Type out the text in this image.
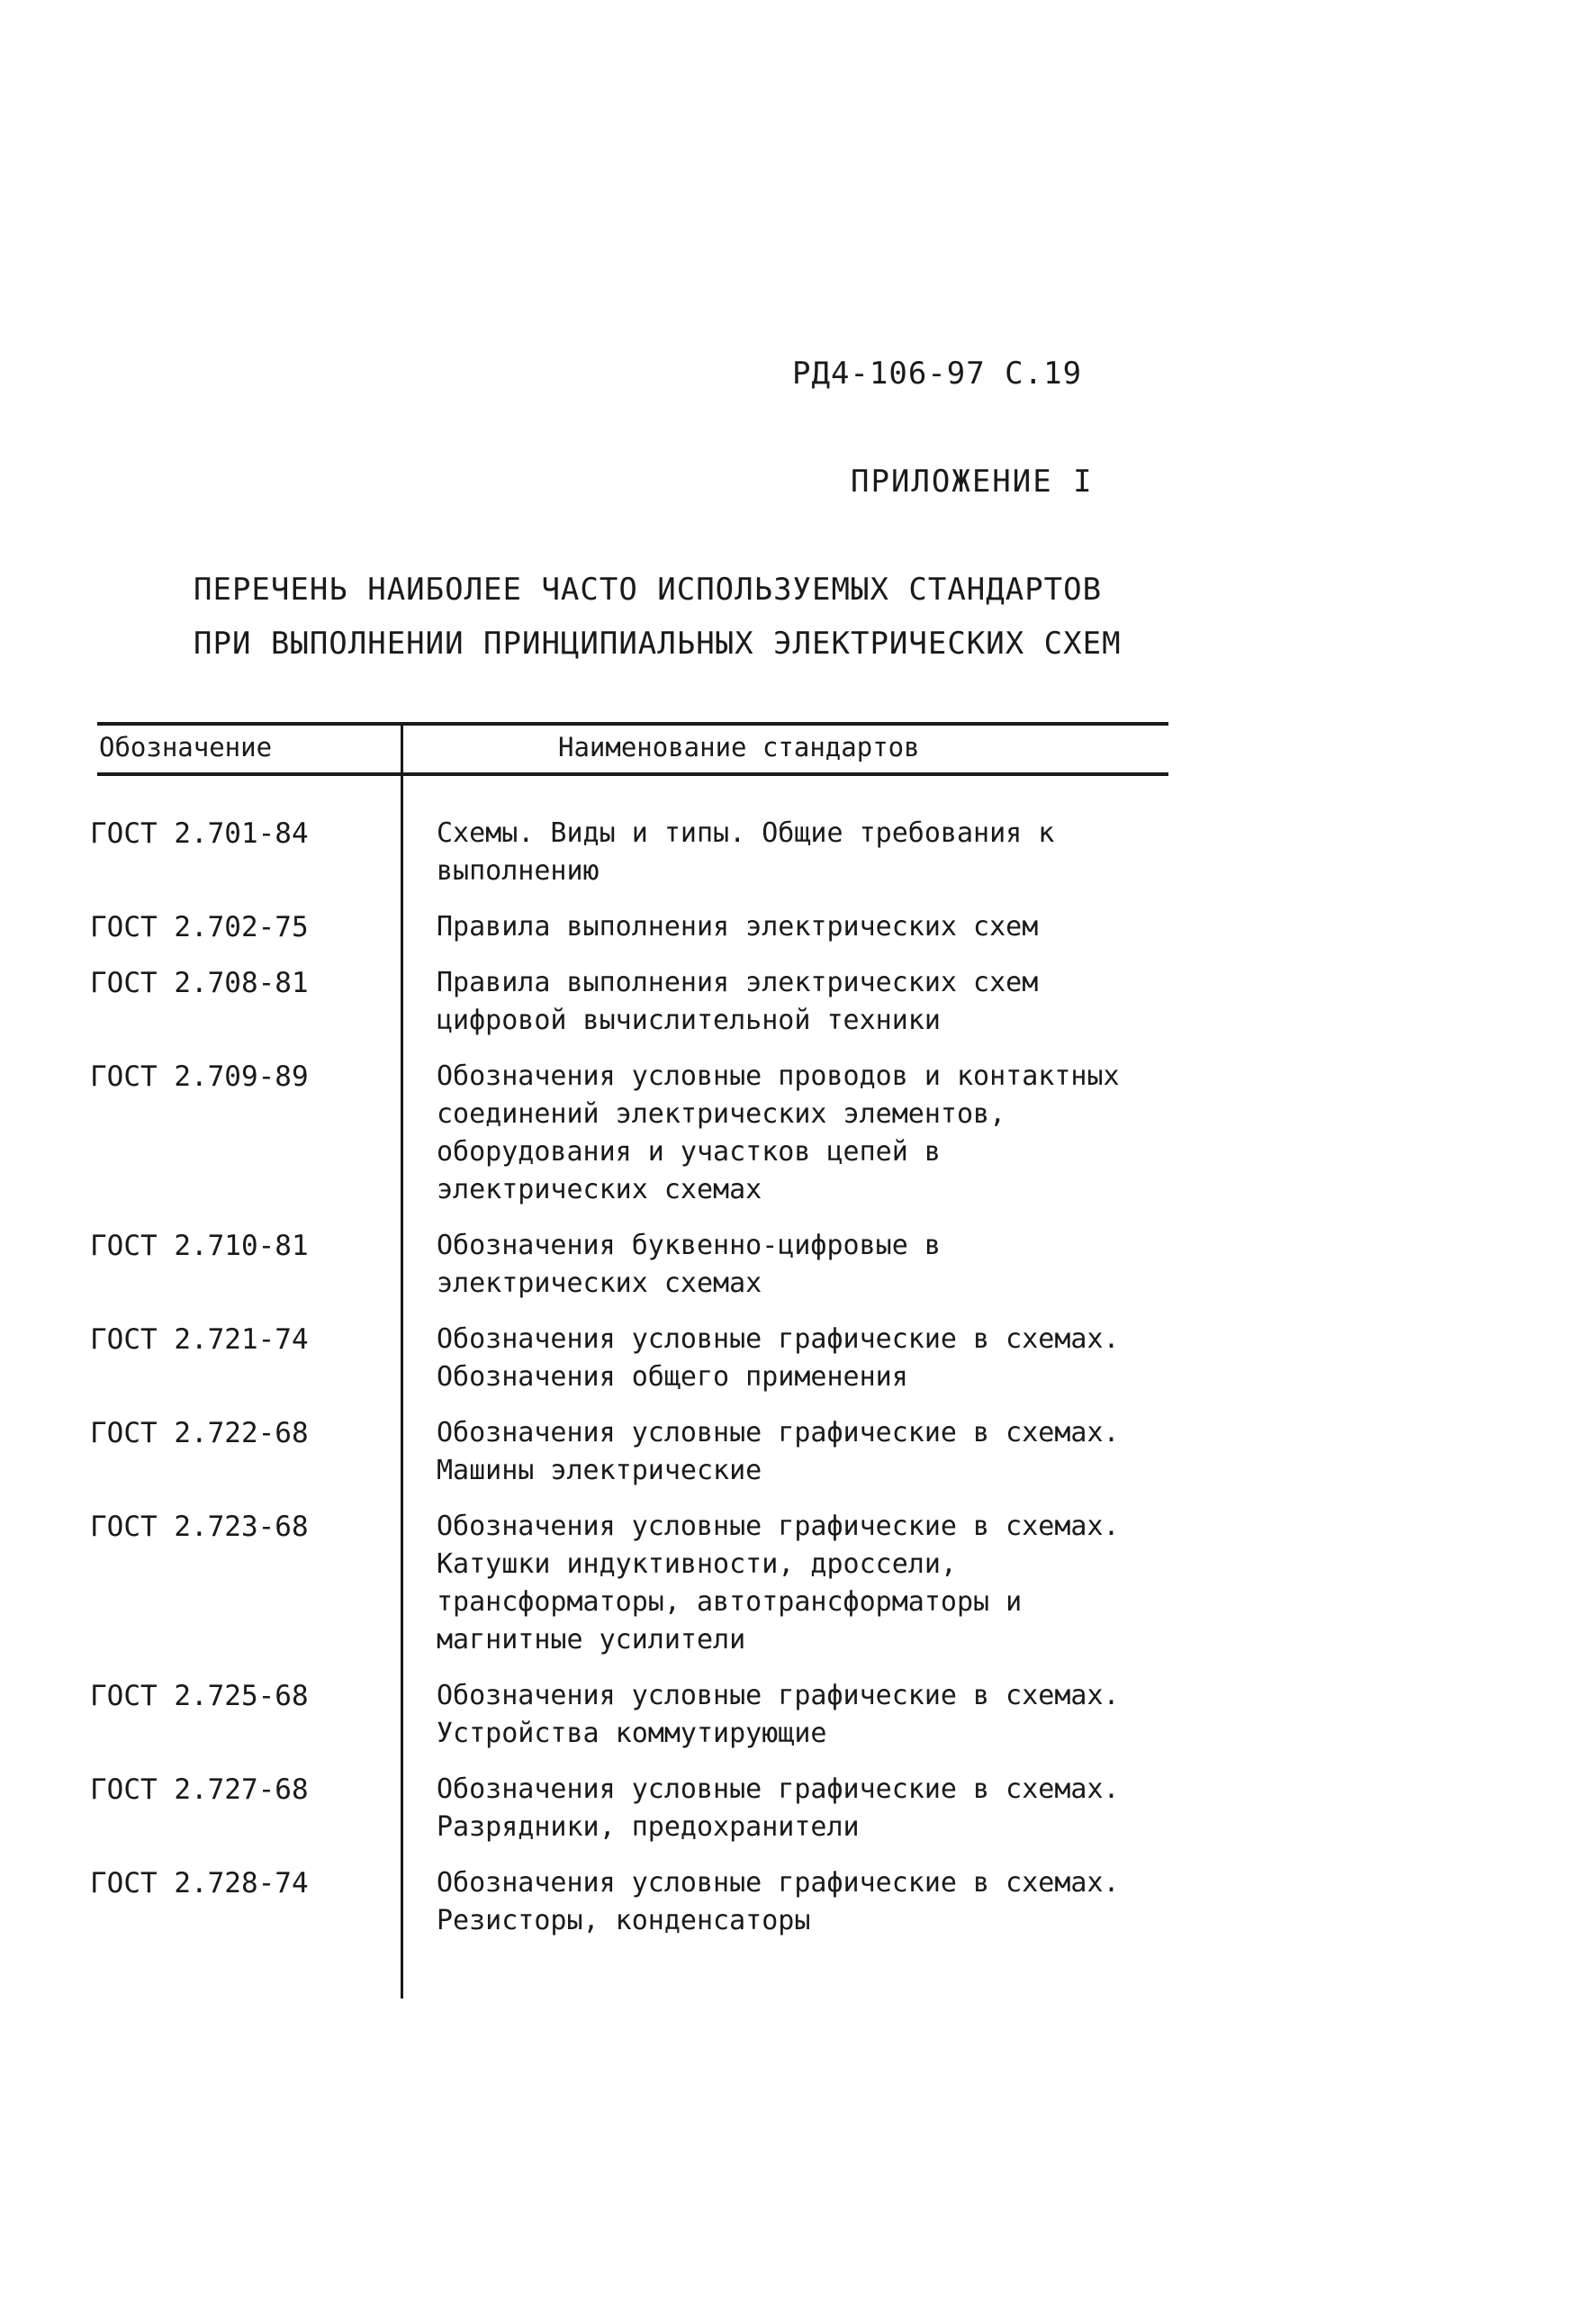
РД4-106-97 С.19
ПРИЛОЖЕНИЕ I
ПЕРЕЧЕНЬ НАИБОЛЕЕ ЧАСТО ИСПОЛЬЗУЕМЫХ СТАНДАРТОВ
ПРИ ВЫПОЛНЕНИИ ПРИНЦИПИАЛЬНЫХ ЭЛЕКТРИЧЕСКИХ СХЕМ
Обозначение	Наименование стандартов
ГОСТ 2.701-84	Схемы. Виды и типы. Общие требования к выполнению
ГОСТ 2.702-75	Правила выполнения электрических схем
ГОСТ 2.708-81	Правила выполнения электрических схем цифровой вычислительной техники
ГОСТ 2.709-89	Обозначения условные проводов и контактных соединений электрических элементов, оборудования и участков цепей в электрических схемах
ГОСТ 2.710-81	Обозначения буквенно-цифровые в электрических схемах
ГОСТ 2.721-74	Обозначения условные графические в схемах. Обозначения общего применения
ГОСТ 2.722-68	Обозначения условные графические в схемах. Машины электрические
ГОСТ 2.723-68	Обозначения условные графические в схемах. Катушки индуктивности, дроссели, трансформаторы, автотрансформаторы и магнитные усилители
ГОСТ 2.725-68	Обозначения условные графические в схемах. Устройства коммутирующие
ГОСТ 2.727-68	Обозначения условные графические в схемах. Разрядники, предохранители
ГОСТ 2.728-74	Обозначения условные графические в схемах. Резисторы, конденсаторы
